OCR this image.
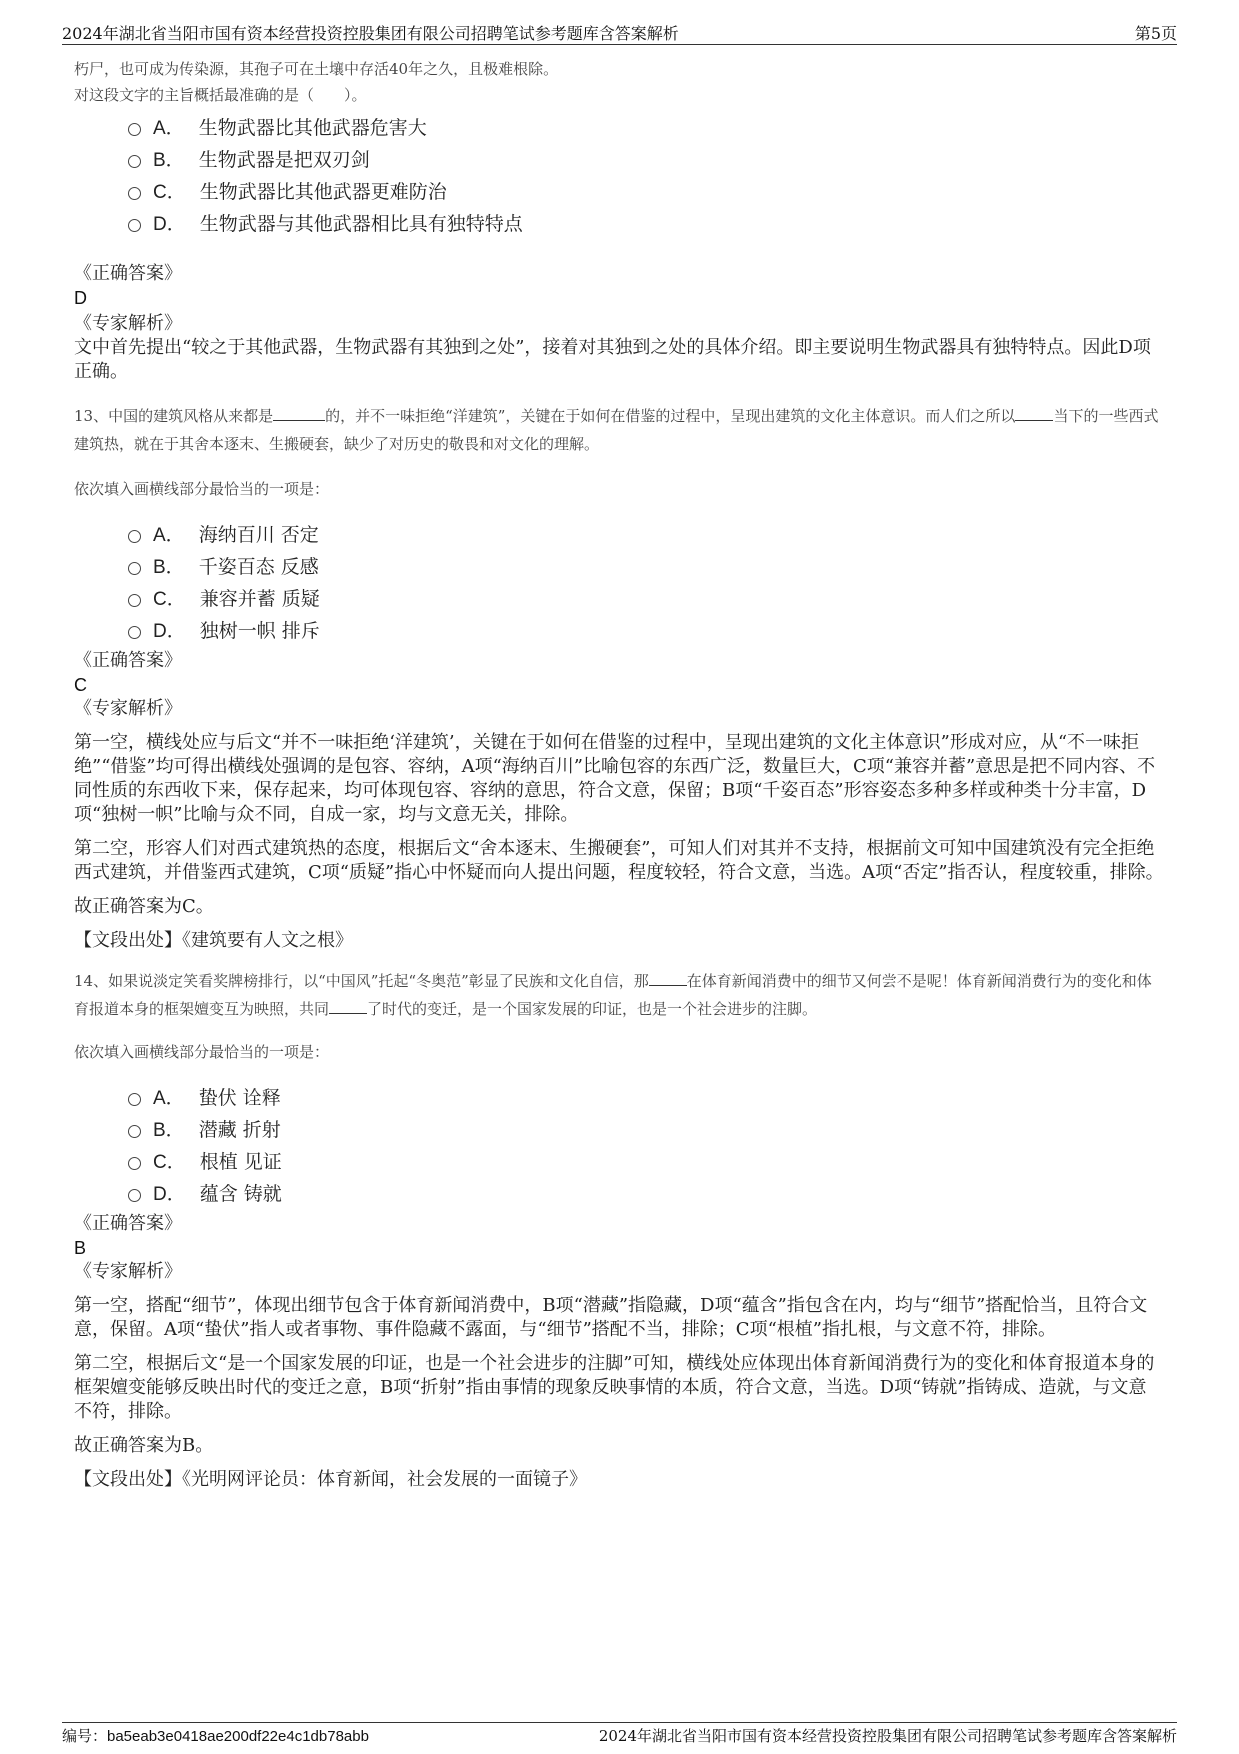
2024年湖北省当阳市国有资本经营投资控股集团有限公司招聘笔试参考题库含答案解析	第5页
朽尸，也可成为传染源，其孢子可在土壤中存活40年之久，且极难根除。
对这段文字的主旨概括最准确的是（　　）。
A． 生物武器比其他武器危害大
B． 生物武器是把双刃剑
C． 生物武器比其他武器更难防治
D． 生物武器与其他武器相比具有独特特点
《正确答案》
D
《专家解析》

文中首先提出“较之于其他武器，生物武器有其独到之处”，接着对其独到之处的具体介绍。即主要说明生物武器具有独特特点。因此D项正确。

13、中国的建筑风格从来都是	的，并不一味拒绝“洋建筑”，关键在于如何在借鉴的过程中，呈现出建筑的文化主体意识。而人们之所以	当下的一些西式建筑热，就在于其舍本逐末、生搬硬套，缺少了对历史的敬畏和对文化的理解。

依次填入画横线部分最恰当的一项是：

A． 海纳百川 否定
B． 千姿百态 反感
C． 兼容并蓄 质疑
D． 独树一帜 排斥
《正确答案》
C
《专家解析》

第一空，横线处应与后文“并不一味拒绝‘洋建筑’，关键在于如何在借鉴的过程中，呈现出建筑的文化主体意识”形成对应，从“不一味拒绝”“借鉴”均可得出横线处强调的是包容、容纳，A项“海纳百川”比喻包容的东西广泛，数量巨大，C项“兼容并蓄”意思是把不同内容、不同性质的东西收下来，保存起来，均可体现包容、容纳的意思，符合文意，保留；B项“千姿百态”形容姿态多种多样或种类十分丰富，D项“独树一帜”比喻与众不同，自成一家，均与文意无关，排除。

第二空，形容人们对西式建筑热的态度，根据后文“舍本逐末、生搬硬套”，可知人们对其并不支持，根据前文可知中国建筑没有完全拒绝西式建筑，并借鉴西式建筑，C项“质疑”指心中怀疑而向人提出问题，程度较轻，符合文意，当选。A项“否定”指否认，程度较重，排除。

故正确答案为C。

【文段出处】《建筑要有人文之根》

14、如果说淡定笑看奖牌榜排行，以“中国风”托起“冬奥范”彰显了民族和文化自信，那	在体育新闻消费中的细节又何尝不是呢！体育新闻消费行为的变化和体育报道本身的框架嬗变互为映照，共同	了时代的变迁，是一个国家发展的印证，也是一个社会进步的注脚。

依次填入画横线部分最恰当的一项是：

A． 蛰伏 诠释
B． 潜藏 折射
C． 根植 见证
D． 蕴含 铸就
《正确答案》
B
《专家解析》

第一空，搭配“细节”，体现出细节包含于体育新闻消费中，B项“潜藏”指隐藏，D项“蕴含”指包含在内，均与“细节”搭配恰当，且符合文意，保留。A项“蛰伏”指人或者事物、事件隐藏不露面，与“细节”搭配不当，排除；C项“根植”指扎根，与文意不符，排除。

第二空，根据后文“是一个国家发展的印证，也是一个社会进步的注脚”可知，横线处应体现出体育新闻消费行为的变化和体育报道本身的框架嬗变能够反映出时代的变迁之意，B项“折射”指由事情的现象反映事情的本质，符合文意，当选。D项“铸就”指铸成、造就，与文意不符，排除。

故正确答案为B。

【文段出处】《光明网评论员：体育新闻，社会发展的一面镜子》

编号：ba5eab3e0418ae200df22e4c1db78abb	2024年湖北省当阳市国有资本经营投资控股集团有限公司招聘笔试参考题库含答案解析
